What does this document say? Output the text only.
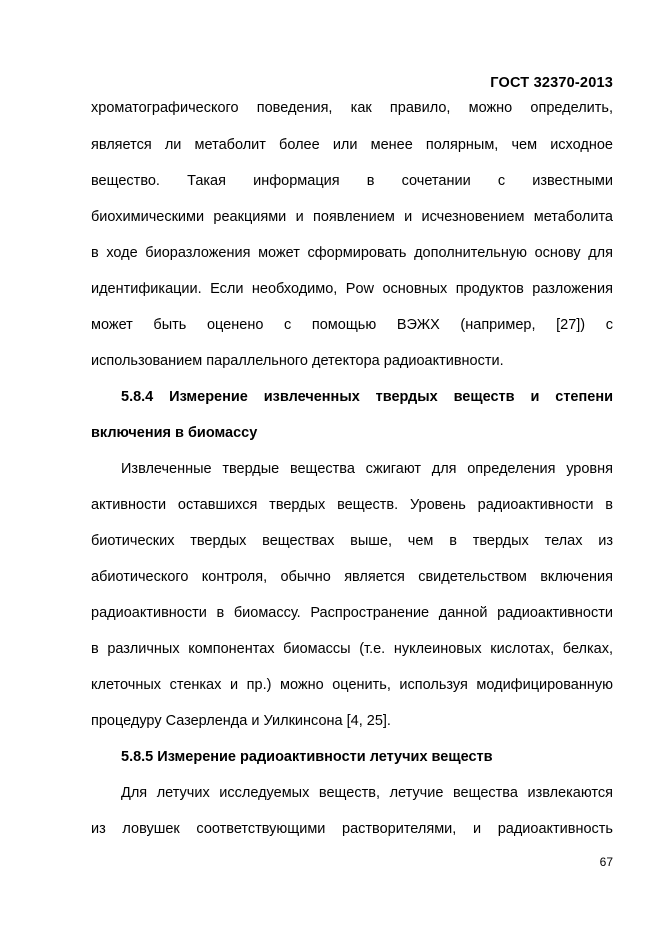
ГОСТ 32370-2013
хроматографического поведения, как правило, можно определить,
является ли метаболит более или менее полярным, чем исходное
вещество. Такая информация в сочетании с известными
биохимическими реакциями и появлением и исчезновением метаболита
в ходе биоразложения может сформировать дополнительную основу для
идентификации. Если необходимо, Pow основных продуктов разложения
может быть оценено с помощью ВЭЖХ (например, [27]) с
использованием параллельного детектора радиоактивности.
5.8.4 Измерение извлеченных твердых веществ и степени
включения в биомассу
Извлеченные твердые вещества сжигают для определения уровня
активности оставшихся твердых веществ. Уровень радиоактивности в
биотических твердых веществах выше, чем в твердых телах из
абиотического контроля, обычно является свидетельством включения
радиоактивности в биомассу. Распространение данной радиоактивности
в различных компонентах биомассы (т.е. нуклеиновых кислотах, белках,
клеточных стенках и пр.) можно оценить, используя модифицированную
процедуру Сазерленда и Уилкинсона [4, 25].
5.8.5 Измерение радиоактивности летучих веществ
Для летучих исследуемых веществ, летучие вещества извлекаются
из ловушек соответствующими растворителями, и радиоактивность
67
